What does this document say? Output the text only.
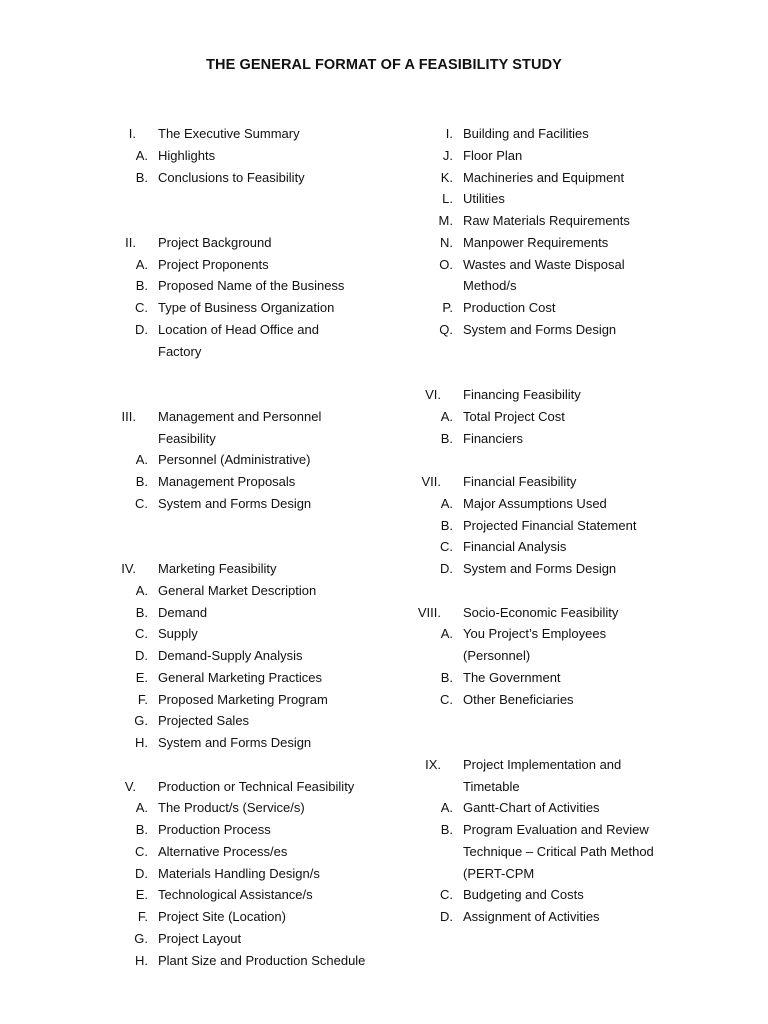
THE GENERAL FORMAT OF A FEASIBILITY STUDY
I. The Executive Summary
A. Highlights
B. Conclusions to Feasibility
II. Project Background
A. Project Proponents
B. Proposed Name of the Business
C. Type of Business Organization
D. Location of Head Office and
Factory
III. Management and Personnel
Feasibility
A. Personnel (Administrative)
B. Management Proposals
C. System and Forms Design
IV. Marketing Feasibility
A. General Market Description
B. Demand
C. Supply
D. Demand-Supply Analysis
E. General Marketing Practices
F. Proposed Marketing Program
G. Projected Sales
H. System and Forms Design
V. Production or Technical Feasibility
A. The Product/s (Service/s)
B. Production Process
C. Alternative Process/es
D. Materials Handling Design/s
E. Technological Assistance/s
F. Project Site (Location)
G. Project Layout
H. Plant Size and Production Schedule
I. Building and Facilities
J. Floor Plan
K. Machineries and Equipment
L. Utilities
M. Raw Materials Requirements
N. Manpower Requirements
O. Wastes and Waste Disposal
Method/s
P. Production Cost
Q. System and Forms Design
VI. Financing Feasibility
A. Total Project Cost
B. Financiers
VII. Financial Feasibility
A. Major Assumptions Used
B. Projected Financial Statement
C. Financial Analysis
D. System and Forms Design
VIII. Socio-Economic Feasibility
A. You Project’s Employees
(Personnel)
B. The Government
C. Other Beneficiaries
IX. Project Implementation and
Timetable
A. Gantt-Chart of Activities
B. Program Evaluation and Review
Technique – Critical Path Method
(PERT-CPM
C. Budgeting and Costs
D. Assignment of Activities
